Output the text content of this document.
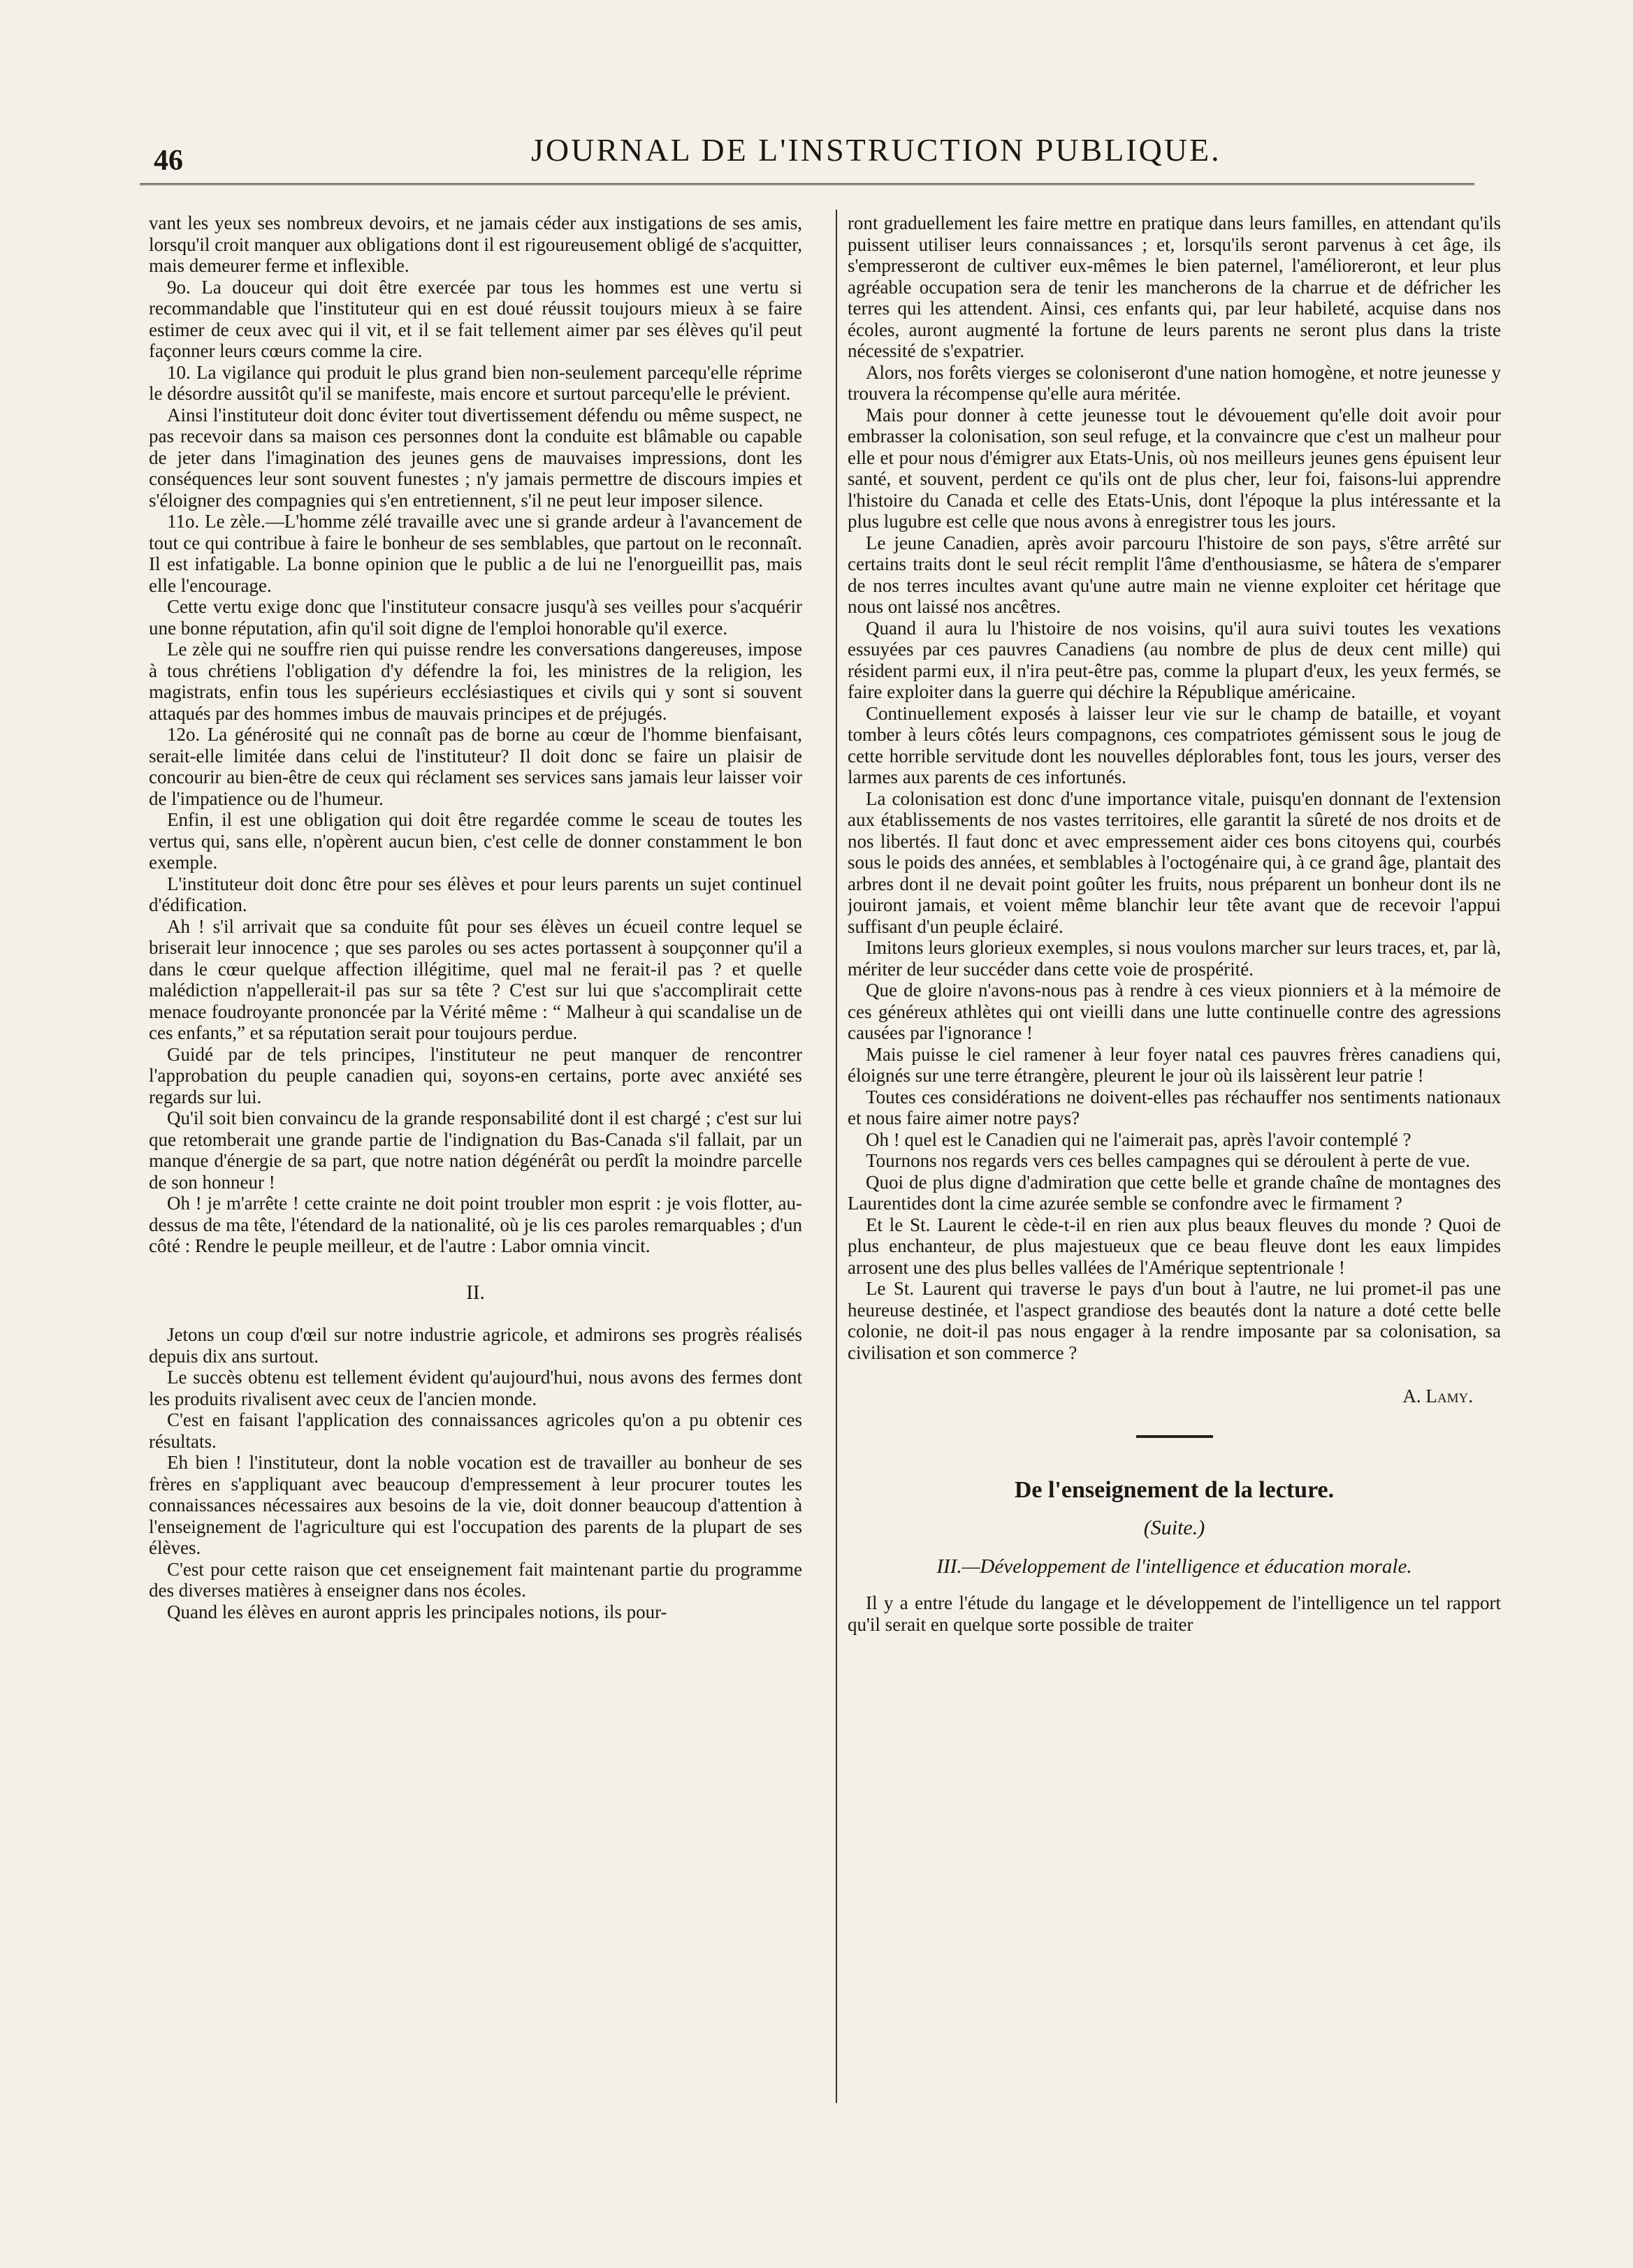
46	JOURNAL DE L'INSTRUCTION PUBLIQUE.

vant les yeux ses nombreux devoirs, et ne jamais céder aux instigations de ses amis, lorsqu'il croit manquer aux obligations dont il est rigoureusement obligé de s'acquitter, mais demeurer ferme et inflexible.

9o. La douceur qui doit être exercée par tous les hommes est une vertu si recommandable que l'instituteur qui en est doué réussit toujours mieux à se faire estimer de ceux avec qui il vit, et il se fait tellement aimer par ses élèves qu'il peut façonner leurs cœurs comme la cire.

10. La vigilance qui produit le plus grand bien non-seulement parcequ'elle réprime le désordre aussitôt qu'il se manifeste, mais encore et surtout parcequ'elle le prévient.

Ainsi l'instituteur doit donc éviter tout divertissement défendu ou même suspect, ne pas recevoir dans sa maison ces personnes dont la conduite est blâmable ou capable de jeter dans l'imagination des jeunes gens de mauvaises impressions, dont les conséquences leur sont souvent funestes ; n'y jamais permettre de discours impies et s'éloigner des compagnies qui s'en entretiennent, s'il ne peut leur imposer silence.

11o. Le zèle.—L'homme zélé travaille avec une si grande ardeur à l'avancement de tout ce qui contribue à faire le bonheur de ses semblables, que partout on le reconnaît. Il est infatigable. La bonne opinion que le public a de lui ne l'enorgueillit pas, mais elle l'encourage.

Cette vertu exige donc que l'instituteur consacre jusqu'à ses veilles pour s'acquérir une bonne réputation, afin qu'il soit digne de l'emploi honorable qu'il exerce.

Le zèle qui ne souffre rien qui puisse rendre les conversations dangereuses, impose à tous chrétiens l'obligation d'y défendre la foi, les ministres de la religion, les magistrats, enfin tous les supérieurs ecclésiastiques et civils qui y sont si souvent attaqués par des hommes imbus de mauvais principes et de préjugés.

12o. La générosité qui ne connaît pas de borne au cœur de l'homme bienfaisant, serait-elle limitée dans celui de l'instituteur? Il doit donc se faire un plaisir de concourir au bien-être de ceux qui réclament ses services sans jamais leur laisser voir de l'impatience ou de l'humeur.

Enfin, il est une obligation qui doit être regardée comme le sceau de toutes les vertus qui, sans elle, n'opèrent aucun bien, c'est celle de donner constamment le bon exemple.

L'instituteur doit donc être pour ses élèves et pour leurs parents un sujet continuel d'édification.

Ah ! s'il arrivait que sa conduite fût pour ses élèves un écueil contre lequel se briserait leur innocence ; que ses paroles ou ses actes portassent à soupçonner qu'il a dans le cœur quelque affection illégitime, quel mal ne ferait-il pas ? et quelle malédiction n'appellerait-il pas sur sa tête ? C'est sur lui que s'accomplirait cette menace foudroyante prononcée par la Vérité même : “ Malheur à qui scandalise un de ces enfants,” et sa réputation serait pour toujours perdue.

Guidé par de tels principes, l'instituteur ne peut manquer de rencontrer l'approbation du peuple canadien qui, soyons-en certains, porte avec anxiété ses regards sur lui.

Qu'il soit bien convaincu de la grande responsabilité dont il est chargé ; c'est sur lui que retomberait une grande partie de l'indignation du Bas-Canada s'il fallait, par un manque d'énergie de sa part, que notre nation dégénérât ou perdît la moindre parcelle de son honneur !

Oh ! je m'arrête ! cette crainte ne doit point troubler mon esprit : je vois flotter, au-dessus de ma tête, l'étendard de la nationalité, où je lis ces paroles remarquables ; d'un côté : Rendre le peuple meilleur, et de l'autre : Labor omnia vincit.

II.

Jetons un coup d'œil sur notre industrie agricole, et admirons ses progrès réalisés depuis dix ans surtout.

Le succès obtenu est tellement évident qu'aujourd'hui, nous avons des fermes dont les produits rivalisent avec ceux de l'ancien monde.

C'est en faisant l'application des connaissances agricoles qu'on a pu obtenir ces résultats.

Eh bien ! l'instituteur, dont la noble vocation est de travailler au bonheur de ses frères en s'appliquant avec beaucoup d'empressement à leur procurer toutes les connaissances nécessaires aux besoins de la vie, doit donner beaucoup d'attention à l'enseignement de l'agriculture qui est l'occupation des parents de la plupart de ses élèves.

C'est pour cette raison que cet enseignement fait maintenant partie du programme des diverses matières à enseigner dans nos écoles.

Quand les élèves en auront appris les principales notions, ils pour-

ront graduellement les faire mettre en pratique dans leurs familles, en attendant qu'ils puissent utiliser leurs connaissances ; et, lorsqu'ils seront parvenus à cet âge, ils s'empresseront de cultiver eux-mêmes le bien paternel, l'amélioreront, et leur plus agréable occupation sera de tenir les mancherons de la charrue et de défricher les terres qui les attendent. Ainsi, ces enfants qui, par leur habileté, acquise dans nos écoles, auront augmenté la fortune de leurs parents ne seront plus dans la triste nécessité de s'expatrier.

Alors, nos forêts vierges se coloniseront d'une nation homogène, et notre jeunesse y trouvera la récompense qu'elle aura méritée.

Mais pour donner à cette jeunesse tout le dévouement qu'elle doit avoir pour embrasser la colonisation, son seul refuge, et la convaincre que c'est un malheur pour elle et pour nous d'émigrer aux Etats-Unis, où nos meilleurs jeunes gens épuisent leur santé, et souvent, perdent ce qu'ils ont de plus cher, leur foi, faisons-lui apprendre l'histoire du Canada et celle des Etats-Unis, dont l'époque la plus intéressante et la plus lugubre est celle que nous avons à enregistrer tous les jours.

Le jeune Canadien, après avoir parcouru l'histoire de son pays, s'être arrêté sur certains traits dont le seul récit remplit l'âme d'enthousiasme, se hâtera de s'emparer de nos terres incultes avant qu'une autre main ne vienne exploiter cet héritage que nous ont laissé nos ancêtres.

Quand il aura lu l'histoire de nos voisins, qu'il aura suivi toutes les vexations essuyées par ces pauvres Canadiens (au nombre de plus de deux cent mille) qui résident parmi eux, il n'ira peut-être pas, comme la plupart d'eux, les yeux fermés, se faire exploiter dans la guerre qui déchire la République américaine.

Continuellement exposés à laisser leur vie sur le champ de bataille, et voyant tomber à leurs côtés leurs compagnons, ces compatriotes gémissent sous le joug de cette horrible servitude dont les nouvelles déplorables font, tous les jours, verser des larmes aux parents de ces infortunés.

La colonisation est donc d'une importance vitale, puisqu'en donnant de l'extension aux établissements de nos vastes territoires, elle garantit la sûreté de nos droits et de nos libertés. Il faut donc et avec empressement aider ces bons citoyens qui, courbés sous le poids des années, et semblables à l'octogénaire qui, à ce grand âge, plantait des arbres dont il ne devait point goûter les fruits, nous préparent un bonheur dont ils ne jouiront jamais, et voient même blanchir leur tête avant que de recevoir l'appui suffisant d'un peuple éclairé.

Imitons leurs glorieux exemples, si nous voulons marcher sur leurs traces, et, par là, mériter de leur succéder dans cette voie de prospérité.

Que de gloire n'avons-nous pas à rendre à ces vieux pionniers et à la mémoire de ces généreux athlètes qui ont vieilli dans une lutte continuelle contre des agressions causées par l'ignorance !

Mais puisse le ciel ramener à leur foyer natal ces pauvres frères canadiens qui, éloignés sur une terre étrangère, pleurent le jour où ils laissèrent leur patrie !

Toutes ces considérations ne doivent-elles pas réchauffer nos sentiments nationaux et nous faire aimer notre pays?

Oh ! quel est le Canadien qui ne l'aimerait pas, après l'avoir contemplé ?

Tournons nos regards vers ces belles campagnes qui se déroulent à perte de vue.

Quoi de plus digne d'admiration que cette belle et grande chaîne de montagnes des Laurentides dont la cime azurée semble se confondre avec le firmament ?

Et le St. Laurent le cède-t-il en rien aux plus beaux fleuves du monde ? Quoi de plus enchanteur, de plus majestueux que ce beau fleuve dont les eaux limpides arrosent une des plus belles vallées de l'Amérique septentrionale !

Le St. Laurent qui traverse le pays d'un bout à l'autre, ne lui promet-il pas une heureuse destinée, et l'aspect grandiose des beautés dont la nature a doté cette belle colonie, ne doit-il pas nous engager à la rendre imposante par sa colonisation, sa civilisation et son commerce ?

A. Lamy.

De l'enseignement de la lecture.

(Suite.)

III.—Développement de l'intelligence et éducation morale.

Il y a entre l'étude du langage et le développement de l'intelligence un tel rapport qu'il serait en quelque sorte possible de traiter
